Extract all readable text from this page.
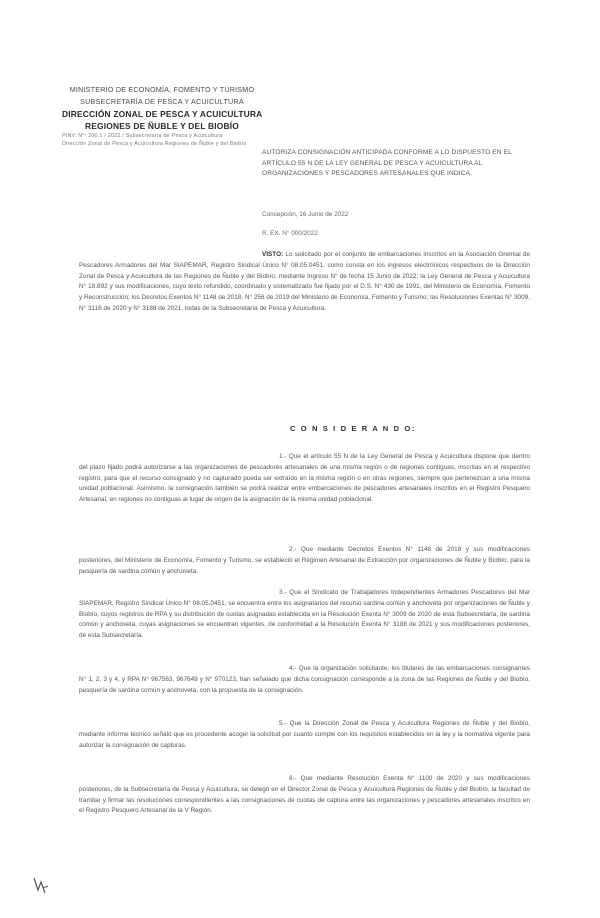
MINISTERIO DE ECONOMÍA, FOMENTO Y TURISMO
SUBSECRETARÍA DE PESCA Y ACUICULTURA
DIRECCIÓN ZONAL DE PESCA Y ACUICULTURA
REGIONES DE ÑUBLE Y DEL BIOBÍO
PINV. N°: 200.1 / 2022 / Subsecretaría de Pesca y Acuicultura
Dirección Zonal de Pesca y Acuicultura Regiones de Ñuble y del Biobío
AUTORIZA CONSIGNACIÓN ANTICIPADA CONFORME A LO DISPUESTO EN EL ARTÍCULO 55 N DE LA LEY GENERAL DE PESCA Y ACUICULTURA AL ORGANIZACIONES Y PESCADORES ARTESANALES QUE INDICA.
Concepción, 16 Junio de 2022
R. EX. N° 000/2022

VISTO: Lo solicitado por el conjunto de embarcaciones inscritos en la Asociación Gremial de Pescadores Armadores del Mar SIAPEMAR, Registro Sindical Único N° 08.05.0451, como consta en los ingresos electrónicos respectivos de la Dirección Zonal de Pesca y Acuicultura de las Regiones de Ñuble y del Biobío, mediante Ingreso N° de fecha 15 Junio de 2022; la Ley General de Pesca y Acuicultura N° 18.892 y sus modificaciones, cuyo texto refundido, coordinado y sistematizado fue fijado por el D.S. N° 430 de 1991, del Ministerio de Economía, Fomento y Reconstrucción; los Decretos Exentos N° 1148 de 2018, N° 256 de 2019 del Ministerio de Economía, Fomento y Turismo; las Resoluciones Exentas N° 3009, N° 3116 de 2020 y N° 3188 de 2021, todas de la Subsecretaría de Pesca y Acuicultura.

C O N S I D E R A N D O:

1.- Que el artículo 55 N de la Ley General de Pesca y Acuicultura dispone que dentro del plazo fijado podrá autorizarse a las organizaciones de pescadores artesanales de una misma región o de regiones contiguas, inscritas en el respectivo registro, para que el recurso consignado y no capturado pueda ser extraído en la misma región o en otras regiones, siempre que pertenezcan a una misma unidad poblacional. Asimismo, la consignación también se podrá realizar entre embarcaciones de pescadores artesanales inscritos en el Registro Pesquero Artesanal, en regiones no contiguas al lugar de origen de la asignación de la misma unidad poblacional.

2.- Que mediante Decretos Exentos N° 1148 de 2018 y sus modificaciones posteriores, del Ministerio de Economía, Fomento y Turismo, se estableció el Régimen Artesanal de Extracción por organizaciones de Ñuble y Biobío, para la pesquería de sardina común y anchoveta.

3.- Que el Sindicato de Trabajadores Independientes Armadores Pescadores del Mar SIAPEMAR, Registro Sindical Único N° 08.05.0451, se encuentra entre los asignatarios del recurso sardina común y anchoveta por organizaciones de Ñuble y Biobío, cuyos registros de RPA y su distribución de cuotas asignadas establecida en la Resolución Exenta N° 3009 de 2020 de esta Subsecretaría, de sardina común y anchoveta, cuyas asignaciones se encuentran vigentes, de conformidad a la Resolución Exenta N° 3188 de 2021 y sus modificaciones posteriores, de esta Subsecretaría.

4.- Que la organización solicitante, los titulares de las embarcaciones consignantes N° 1, 2, 3 y 4, y RPA N° 967563, 967649 y N° 970123, han señalado que dicha consignación corresponde a la zona de las Regiones de Ñuble y del Biobío, pesquería de sardina común y anchoveta, con la propuesta de la consignación.

5.- Que la Dirección Zonal de Pesca y Acuicultura Regiones de Ñuble y del Biobío, mediante informe técnico señaló que es procedente acoger la solicitud por cuanto cumple con los requisitos establecidos en la ley y la normativa vigente para autorizar la consignación de capturas.

6.- Que mediante Resolución Exenta N° 1100 de 2020 y sus modificaciones posteriores, de la Subsecretaría de Pesca y Acuicultura, se delegó en el Director Zonal de Pesca y Acuicultura Regiones de Ñuble y del Biobío, la facultad de tramitar y firmar las resoluciones correspondientes a las consignaciones de cuotas de captura entre las organizaciones y pescadores artesanales inscritos en el Registro Pesquero Artesanal de la V Región.
